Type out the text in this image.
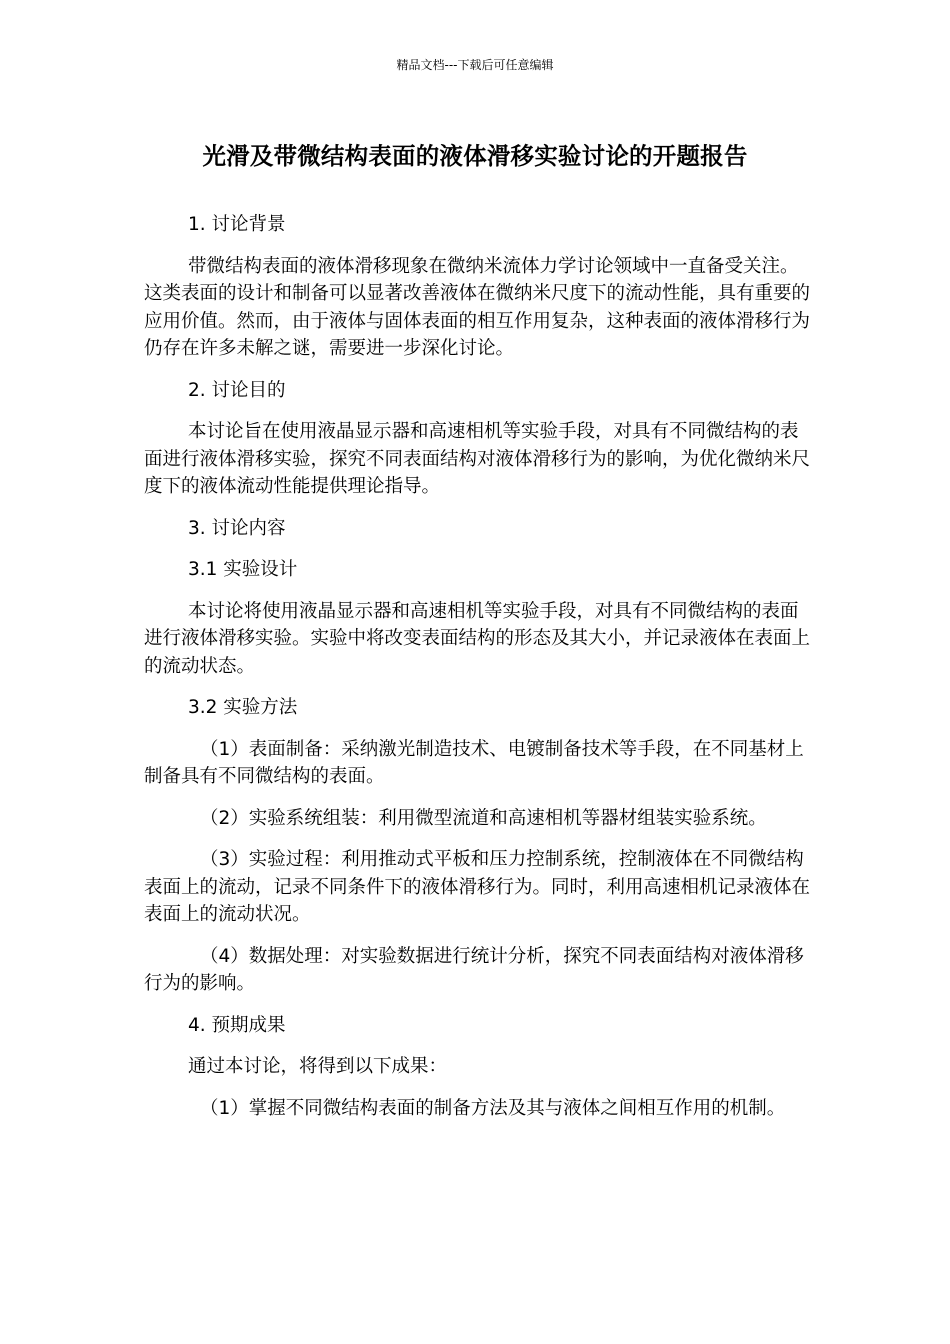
精品文档---下载后可任意编辑
光滑及带微结构表面的液体滑移实验讨论的开题报告

1. 讨论背景

带微结构表面的液体滑移现象在微纳米流体力学讨论领域中一直备受关注。这类表面的设计和制备可以显著改善液体在微纳米尺度下的流动性能，具有重要的应用价值。然而，由于液体与固体表面的相互作用复杂，这种表面的液体滑移行为仍存在许多未解之谜，需要进一步深化讨论。

2. 讨论目的

本讨论旨在使用液晶显示器和高速相机等实验手段，对具有不同微结构的表面进行液体滑移实验，探究不同表面结构对液体滑移行为的影响，为优化微纳米尺度下的液体流动性能提供理论指导。

3. 讨论内容

3.1 实验设计

本讨论将使用液晶显示器和高速相机等实验手段，对具有不同微结构的表面进行液体滑移实验。实验中将改变表面结构的形态及其大小，并记录液体在表面上的流动状态。

3.2 实验方法

（1）表面制备：采纳激光制造技术、电镀制备技术等手段，在不同基材上制备具有不同微结构的表面。

（2）实验系统组装：利用微型流道和高速相机等器材组装实验系统。

（3）实验过程：利用推动式平板和压力控制系统，控制液体在不同微结构表面上的流动，记录不同条件下的液体滑移行为。同时，利用高速相机记录液体在表面上的流动状况。

（4）数据处理：对实验数据进行统计分析，探究不同表面结构对液体滑移行为的影响。

4. 预期成果

通过本讨论，将得到以下成果：

（1）掌握不同微结构表面的制备方法及其与液体之间相互作用的机制。
